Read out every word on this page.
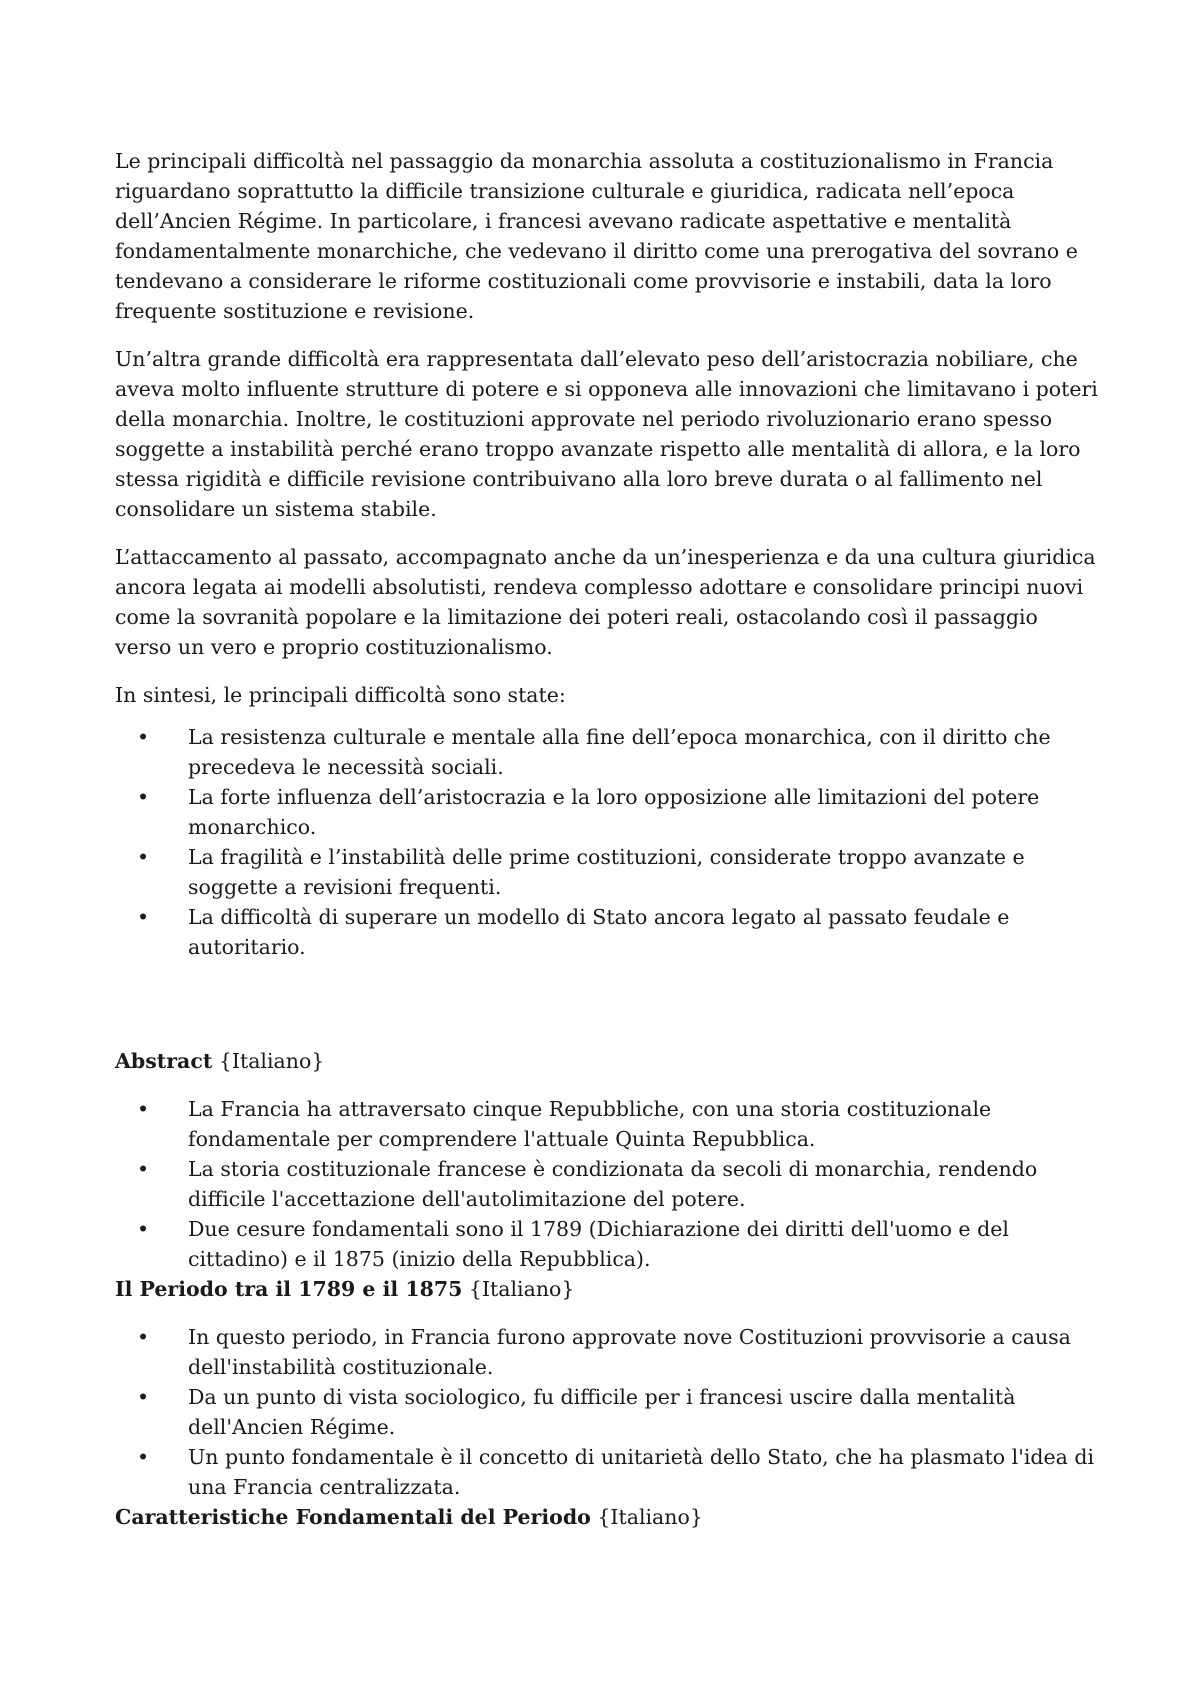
Le principali difficoltà nel passaggio da monarchia assoluta a costituzionalismo in Francia riguardano soprattutto la difficile transizione culturale e giuridica, radicata nell’epoca dell’Ancien Régime. In particolare, i francesi avevano radicate aspettative e mentalità fondamentalmente monarchiche, che vedevano il diritto come una prerogativa del sovrano e tendevano a considerare le riforme costituzionali come provvisorie e instabili, data la loro frequente sostituzione e revisione.

Un’altra grande difficoltà era rappresentata dall’elevato peso dell’aristocrazia nobiliare, che aveva molto influente strutture di potere e si opponeva alle innovazioni che limitavano i poteri della monarchia. Inoltre, le costituzioni approvate nel periodo rivoluzionario erano spesso soggette a instabilità perché erano troppo avanzate rispetto alle mentalità di allora, e la loro stessa rigidità e difficile revisione contribuivano alla loro breve durata o al fallimento nel consolidare un sistema stabile.

L’attaccamento al passato, accompagnato anche da un’inesperienza e da una cultura giuridica ancora legata ai modelli absolutisti, rendeva complesso adottare e consolidare principi nuovi come la sovranità popolare e la limitazione dei poteri reali, ostacolando così il passaggio verso un vero e proprio costituzionalismo.

In sintesi, le principali difficoltà sono state:

• La resistenza culturale e mentale alla fine dell’epoca monarchica, con il diritto che precedeva le necessità sociali.
• La forte influenza dell’aristocrazia e la loro opposizione alle limitazioni del potere monarchico.
• La fragilità e l’instabilità delle prime costituzioni, considerate troppo avanzate e soggette a revisioni frequenti.
• La difficoltà di superare un modello di Stato ancora legato al passato feudale e autoritario.

Abstract {Italiano}

• La Francia ha attraversato cinque Repubbliche, con una storia costituzionale fondamentale per comprendere l'attuale Quinta Repubblica.
• La storia costituzionale francese è condizionata da secoli di monarchia, rendendo difficile l'accettazione dell'autolimitazione del potere.
• Due cesure fondamentali sono il 1789 (Dichiarazione dei diritti dell'uomo e del cittadino) e il 1875 (inizio della Repubblica).

Il Periodo tra il 1789 e il 1875 {Italiano}

• In questo periodo, in Francia furono approvate nove Costituzioni provvisorie a causa dell'instabilità costituzionale.
• Da un punto di vista sociologico, fu difficile per i francesi uscire dalla mentalità dell'Ancien Régime.
• Un punto fondamentale è il concetto di unitarietà dello Stato, che ha plasmato l'idea di una Francia centralizzata.

Caratteristiche Fondamentali del Periodo {Italiano}
